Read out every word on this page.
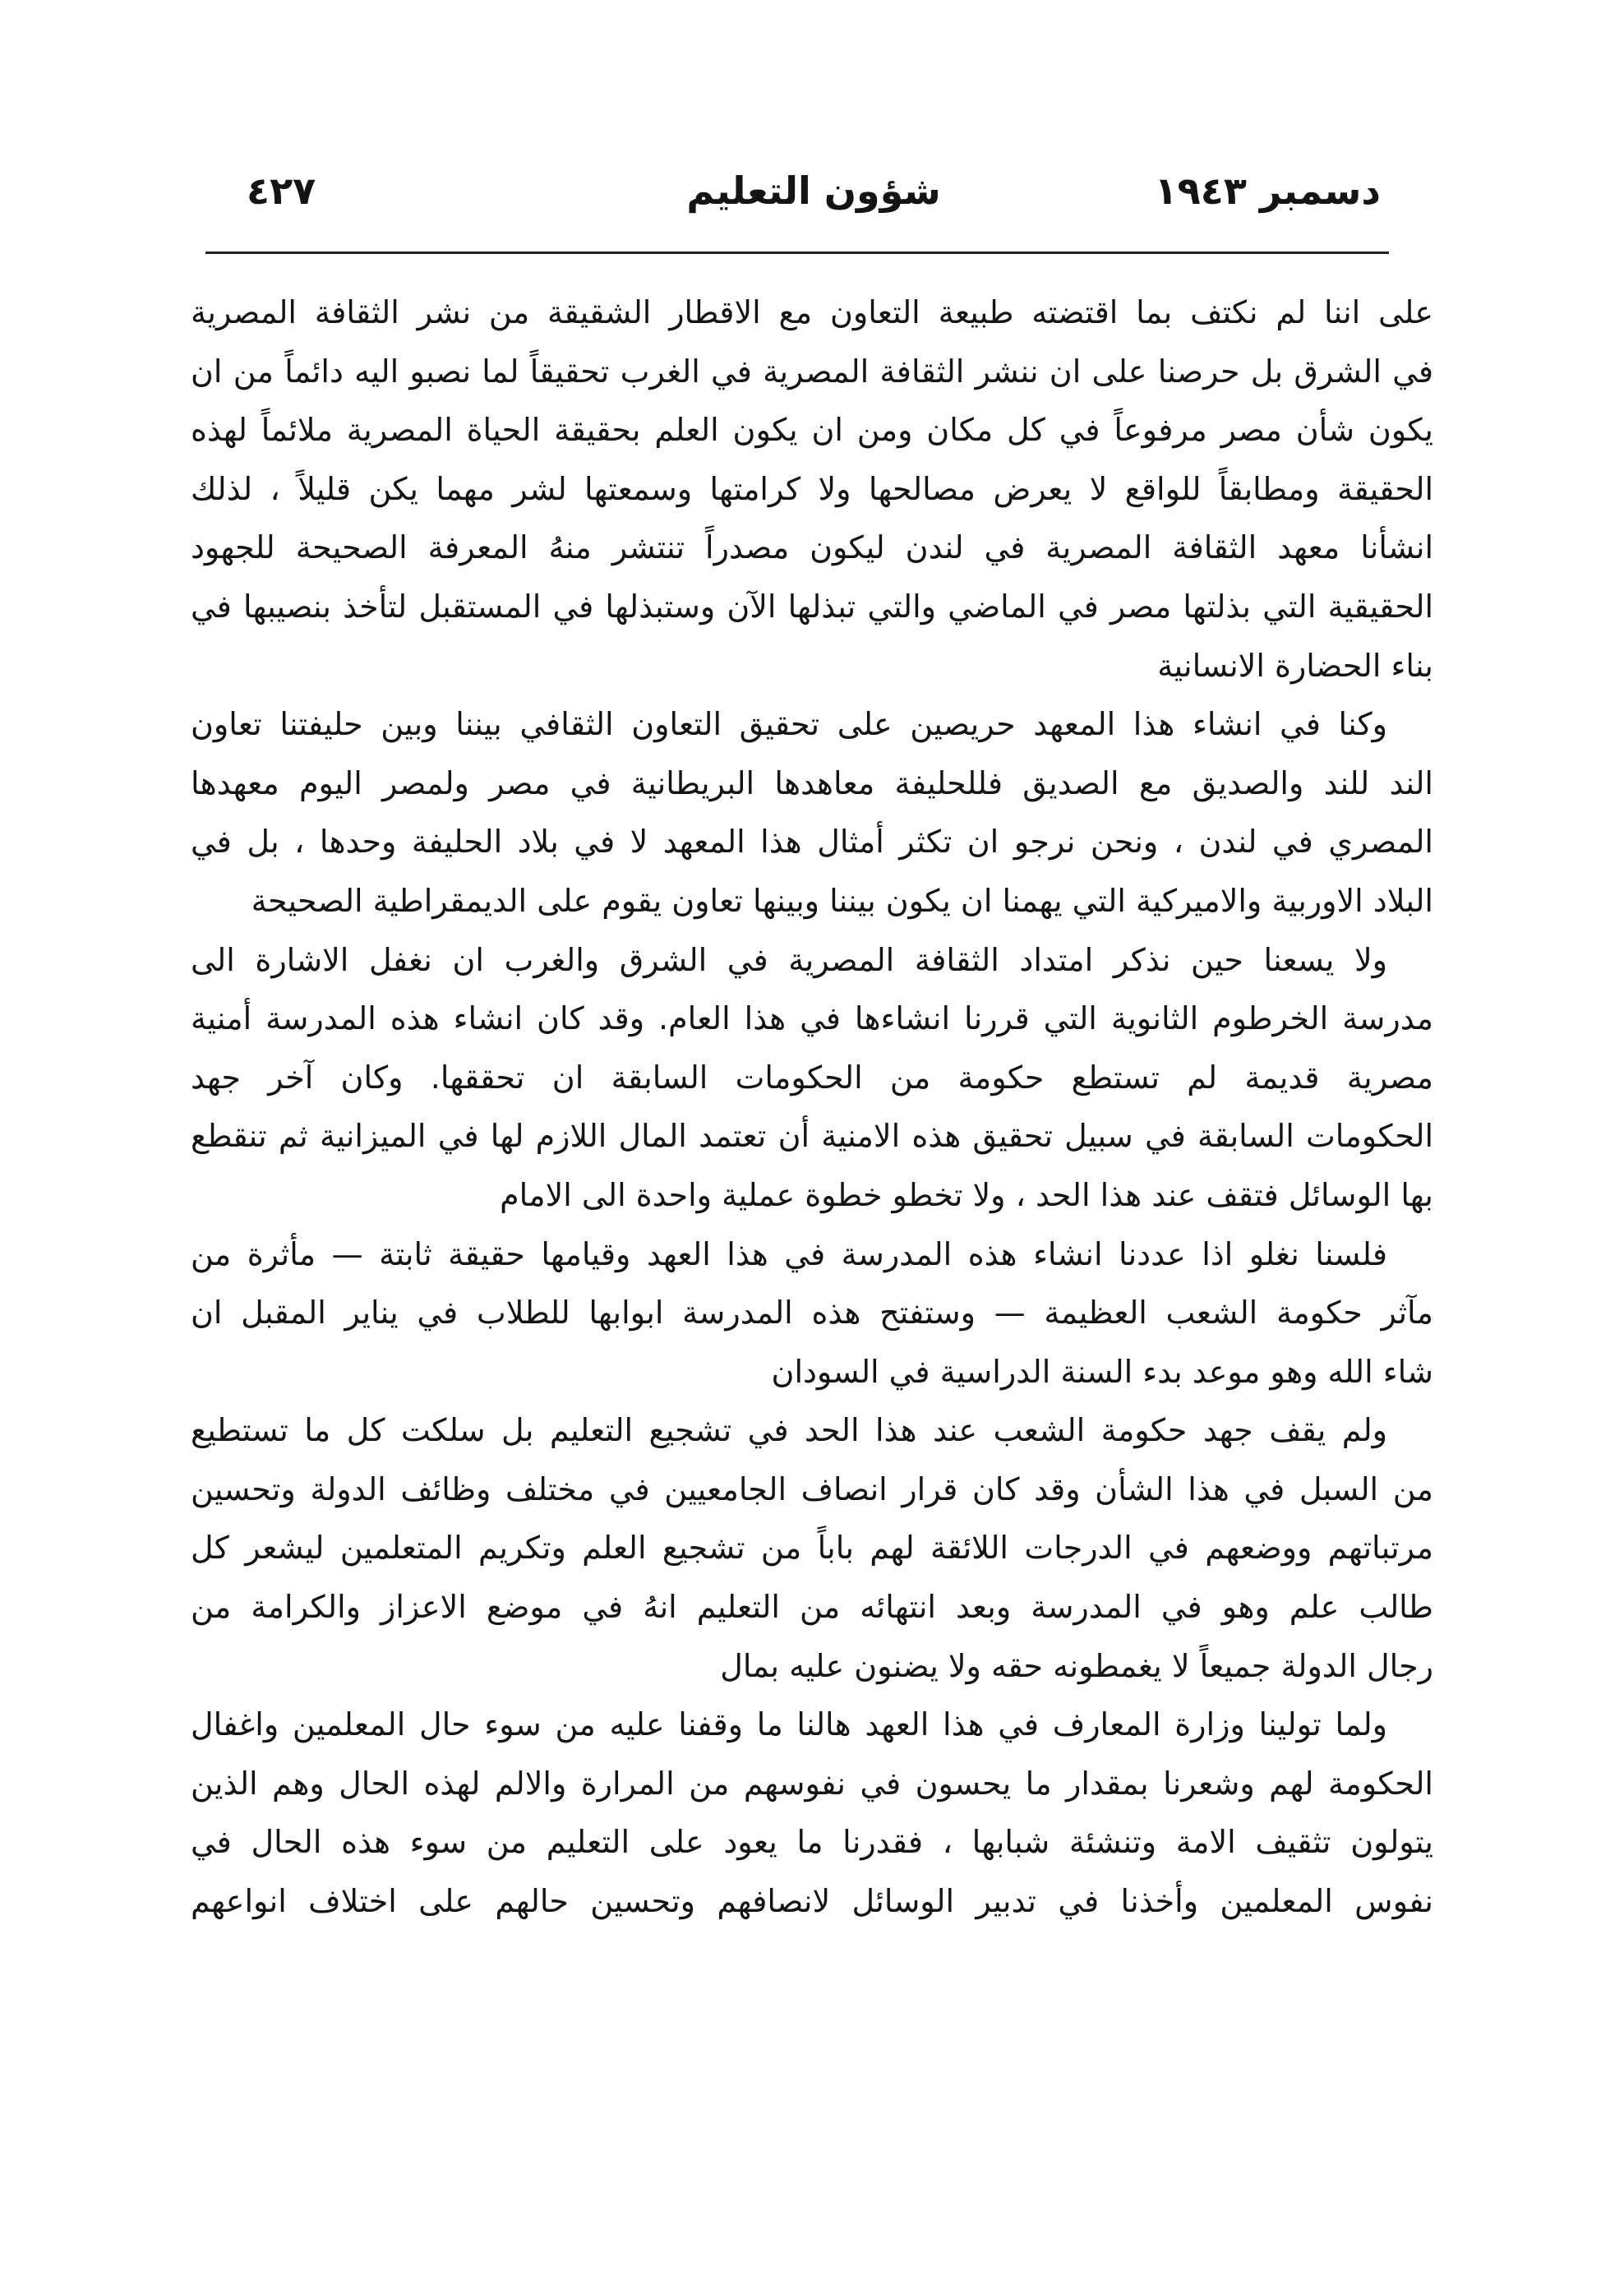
٤٢٧	شؤون التعليم	دسمبر ١٩٤٣
على اننا لم نكتف بما اقتضته طبيعة التعاون مع الاقطار الشقيقة من نشر الثقافة المصرية
في الشرق بل حرصنا على ان ننشر الثقافة المصرية في الغرب تحقيقاً لما نصبو اليه دائماً من ان
يكون شأن مصر مرفوعاً في كل مكان ومن ان يكون العلم بحقيقة الحياة المصرية ملائماً لهذه
الحقيقة ومطابقاً للواقع لا يعرض مصالحها ولا كرامتها وسمعتها لشر مهما يكن قليلاً ، لذلك
انشأنا معهد الثقافة المصرية في لندن ليكون مصدراً تنتشر منهُ المعرفة الصحيحة للجهود
الحقيقية التي بذلتها مصر في الماضي والتي تبذلها الآن وستبذلها في المستقبل لتأخذ بنصيبها في
بناء الحضارة الانسانية
وكنا في انشاء هذا المعهد حريصين على تحقيق التعاون الثقافي بيننا وبين حليفتنا تعاون
الند للند والصديق مع الصديق فللحليفة معاهدها البريطانية في مصر ولمصر اليوم معهدها
المصري في لندن ، ونحن نرجو ان تكثر أمثال هذا المعهد لا في بلاد الحليفة وحدها ، بل في
البلاد الاوربية والاميركية التي يهمنا ان يكون بيننا وبينها تعاون يقوم على الديمقراطية الصحيحة
ولا يسعنا حين نذكر امتداد الثقافة المصرية في الشرق والغرب ان نغفل الاشارة الى
مدرسة الخرطوم الثانوية التي قررنا انشاءها في هذا العام. وقد كان انشاء هذه المدرسة أمنية
مصرية قديمة لم تستطع حكومة من الحكومات السابقة ان تحققها. وكان آخر جهد
الحكومات السابقة في سبيل تحقيق هذه الامنية أن تعتمد المال اللازم لها في الميزانية ثم تنقطع
بها الوسائل فتقف عند هذا الحد ، ولا تخطو خطوة عملية واحدة الى الامام
فلسنا نغلو اذا عددنا انشاء هذه المدرسة في هذا العهد وقيامها حقيقة ثابتة — مأثرة من
مآثر حكومة الشعب العظيمة — وستفتح هذه المدرسة ابوابها للطلاب في يناير المقبل ان
شاء الله وهو موعد بدء السنة الدراسية في السودان
ولم يقف جهد حكومة الشعب عند هذا الحد في تشجيع التعليم بل سلكت كل ما تستطيع
من السبل في هذا الشأن وقد كان قرار انصاف الجامعيين في مختلف وظائف الدولة وتحسين
مرتباتهم ووضعهم في الدرجات اللائقة لهم باباً من تشجيع العلم وتكريم المتعلمين ليشعر كل
طالب علم وهو في المدرسة وبعد انتهائه من التعليم انهُ في موضع الاعزاز والكرامة من
رجال الدولة جميعاً لا يغمطونه حقه ولا يضنون عليه بمال
ولما تولينا وزارة المعارف في هذا العهد هالنا ما وقفنا عليه من سوء حال المعلمين واغفال
الحكومة لهم وشعرنا بمقدار ما يحسون في نفوسهم من المرارة والالم لهذه الحال وهم الذين
يتولون تثقيف الامة وتنشئة شبابها ، فقدرنا ما يعود على التعليم من سوء هذه الحال في
نفوس المعلمين وأخذنا في تدبير الوسائل لانصافهم وتحسين حالهم على اختلاف انواعهم
